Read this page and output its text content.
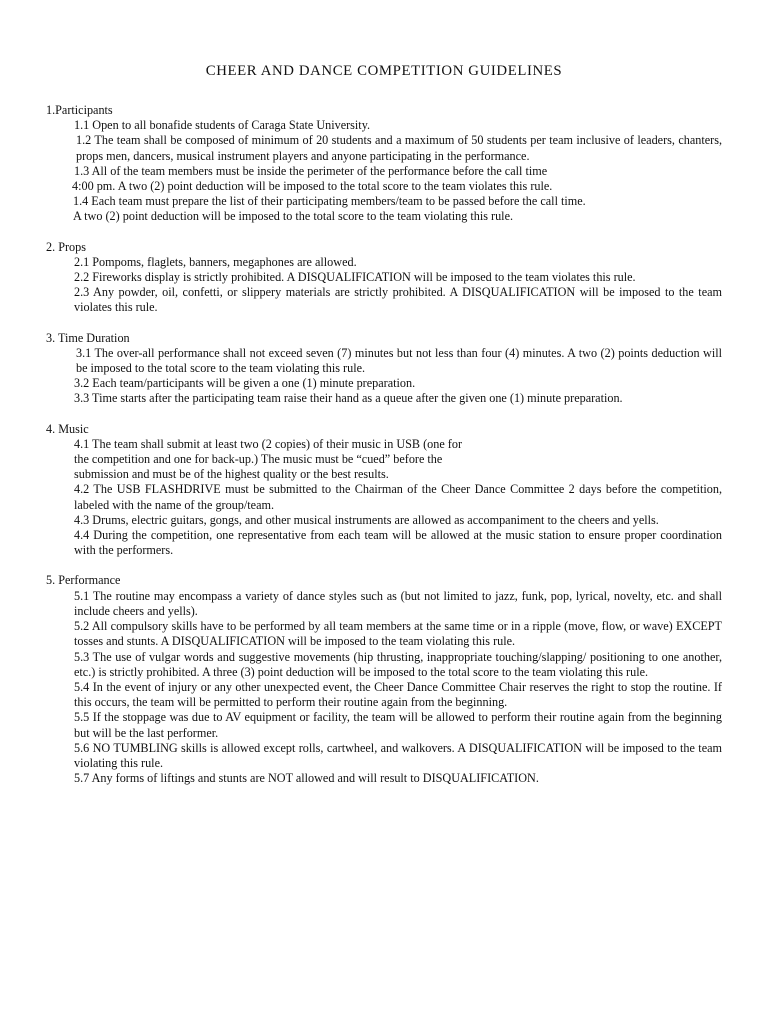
CHEER AND DANCE COMPETITION GUIDELINES
1.Participants
1.1 Open to all bonafide students of Caraga State University.
1.2 The team shall be composed of minimum of 20 students and a maximum of 50 students per team inclusive of leaders, chanters, props men, dancers, musical instrument players and anyone participating in the performance.
1.3 All of the team members must be inside the perimeter of the performance before the call time
4:00 pm. A two (2) point deduction will be imposed to the total score to the team violates this rule.
1.4 Each team must prepare the list of their participating members/team to be passed before the call time.
A two (2) point deduction will be imposed to the total score to the team violating this rule.
2. Props
2.1 Pompoms, flaglets, banners, megaphones are allowed.
2.2 Fireworks display is strictly prohibited. A DISQUALIFICATION will be imposed to the team violates this rule.
2.3 Any powder, oil, confetti, or slippery materials are strictly prohibited. A DISQUALIFICATION will be imposed to the team violates this rule.
3. Time Duration
3.1 The over-all performance shall not exceed seven (7) minutes but not less than four (4) minutes. A two (2) points deduction will be imposed to the total score to the team violating this rule.
3.2 Each team/participants will be given a one (1) minute preparation.
3.3 Time starts after the participating team raise their hand as a queue after the given one (1) minute preparation.
4. Music
4.1 The team shall submit at least two (2 copies) of their music in USB (one for
the competition and one for back-up.) The music must be “cued” before the
submission and must be of the highest quality or the best results.
4.2 The USB FLASHDRIVE must be submitted to the Chairman of the Cheer Dance Committee 2 days before the competition, labeled with the name of the group/team.
4.3 Drums, electric guitars, gongs, and other musical instruments are allowed as accompaniment to the cheers and yells.
4.4 During the competition, one representative from each team will be allowed at the music station to ensure proper coordination with the performers.
5. Performance
5.1 The routine may encompass a variety of dance styles such as (but not limited to jazz, funk, pop, lyrical, novelty, etc. and shall include cheers and yells).
5.2 All compulsory skills have to be performed by all team members at the same time or in a ripple (move, flow, or wave) EXCEPT tosses and stunts. A DISQUALIFICATION will be imposed to the team violating this rule.
5.3 The use of vulgar words and suggestive movements (hip thrusting, inappropriate touching/slapping/ positioning to one another, etc.) is strictly prohibited. A three (3) point deduction will be imposed to the total score to the team violating this rule.
5.4 In the event of injury or any other unexpected event, the Cheer Dance Committee Chair reserves the right to stop the routine. If this occurs, the team will be permitted to perform their routine again from the beginning.
5.5 If the stoppage was due to AV equipment or facility, the team will be allowed to perform their routine again from the beginning but will be the last performer.
5.6 NO TUMBLING skills is allowed except rolls, cartwheel, and walkovers. A DISQUALIFICATION will be imposed to the team violating this rule.
5.7 Any forms of liftings and stunts are NOT allowed and will result to DISQUALIFICATION.
